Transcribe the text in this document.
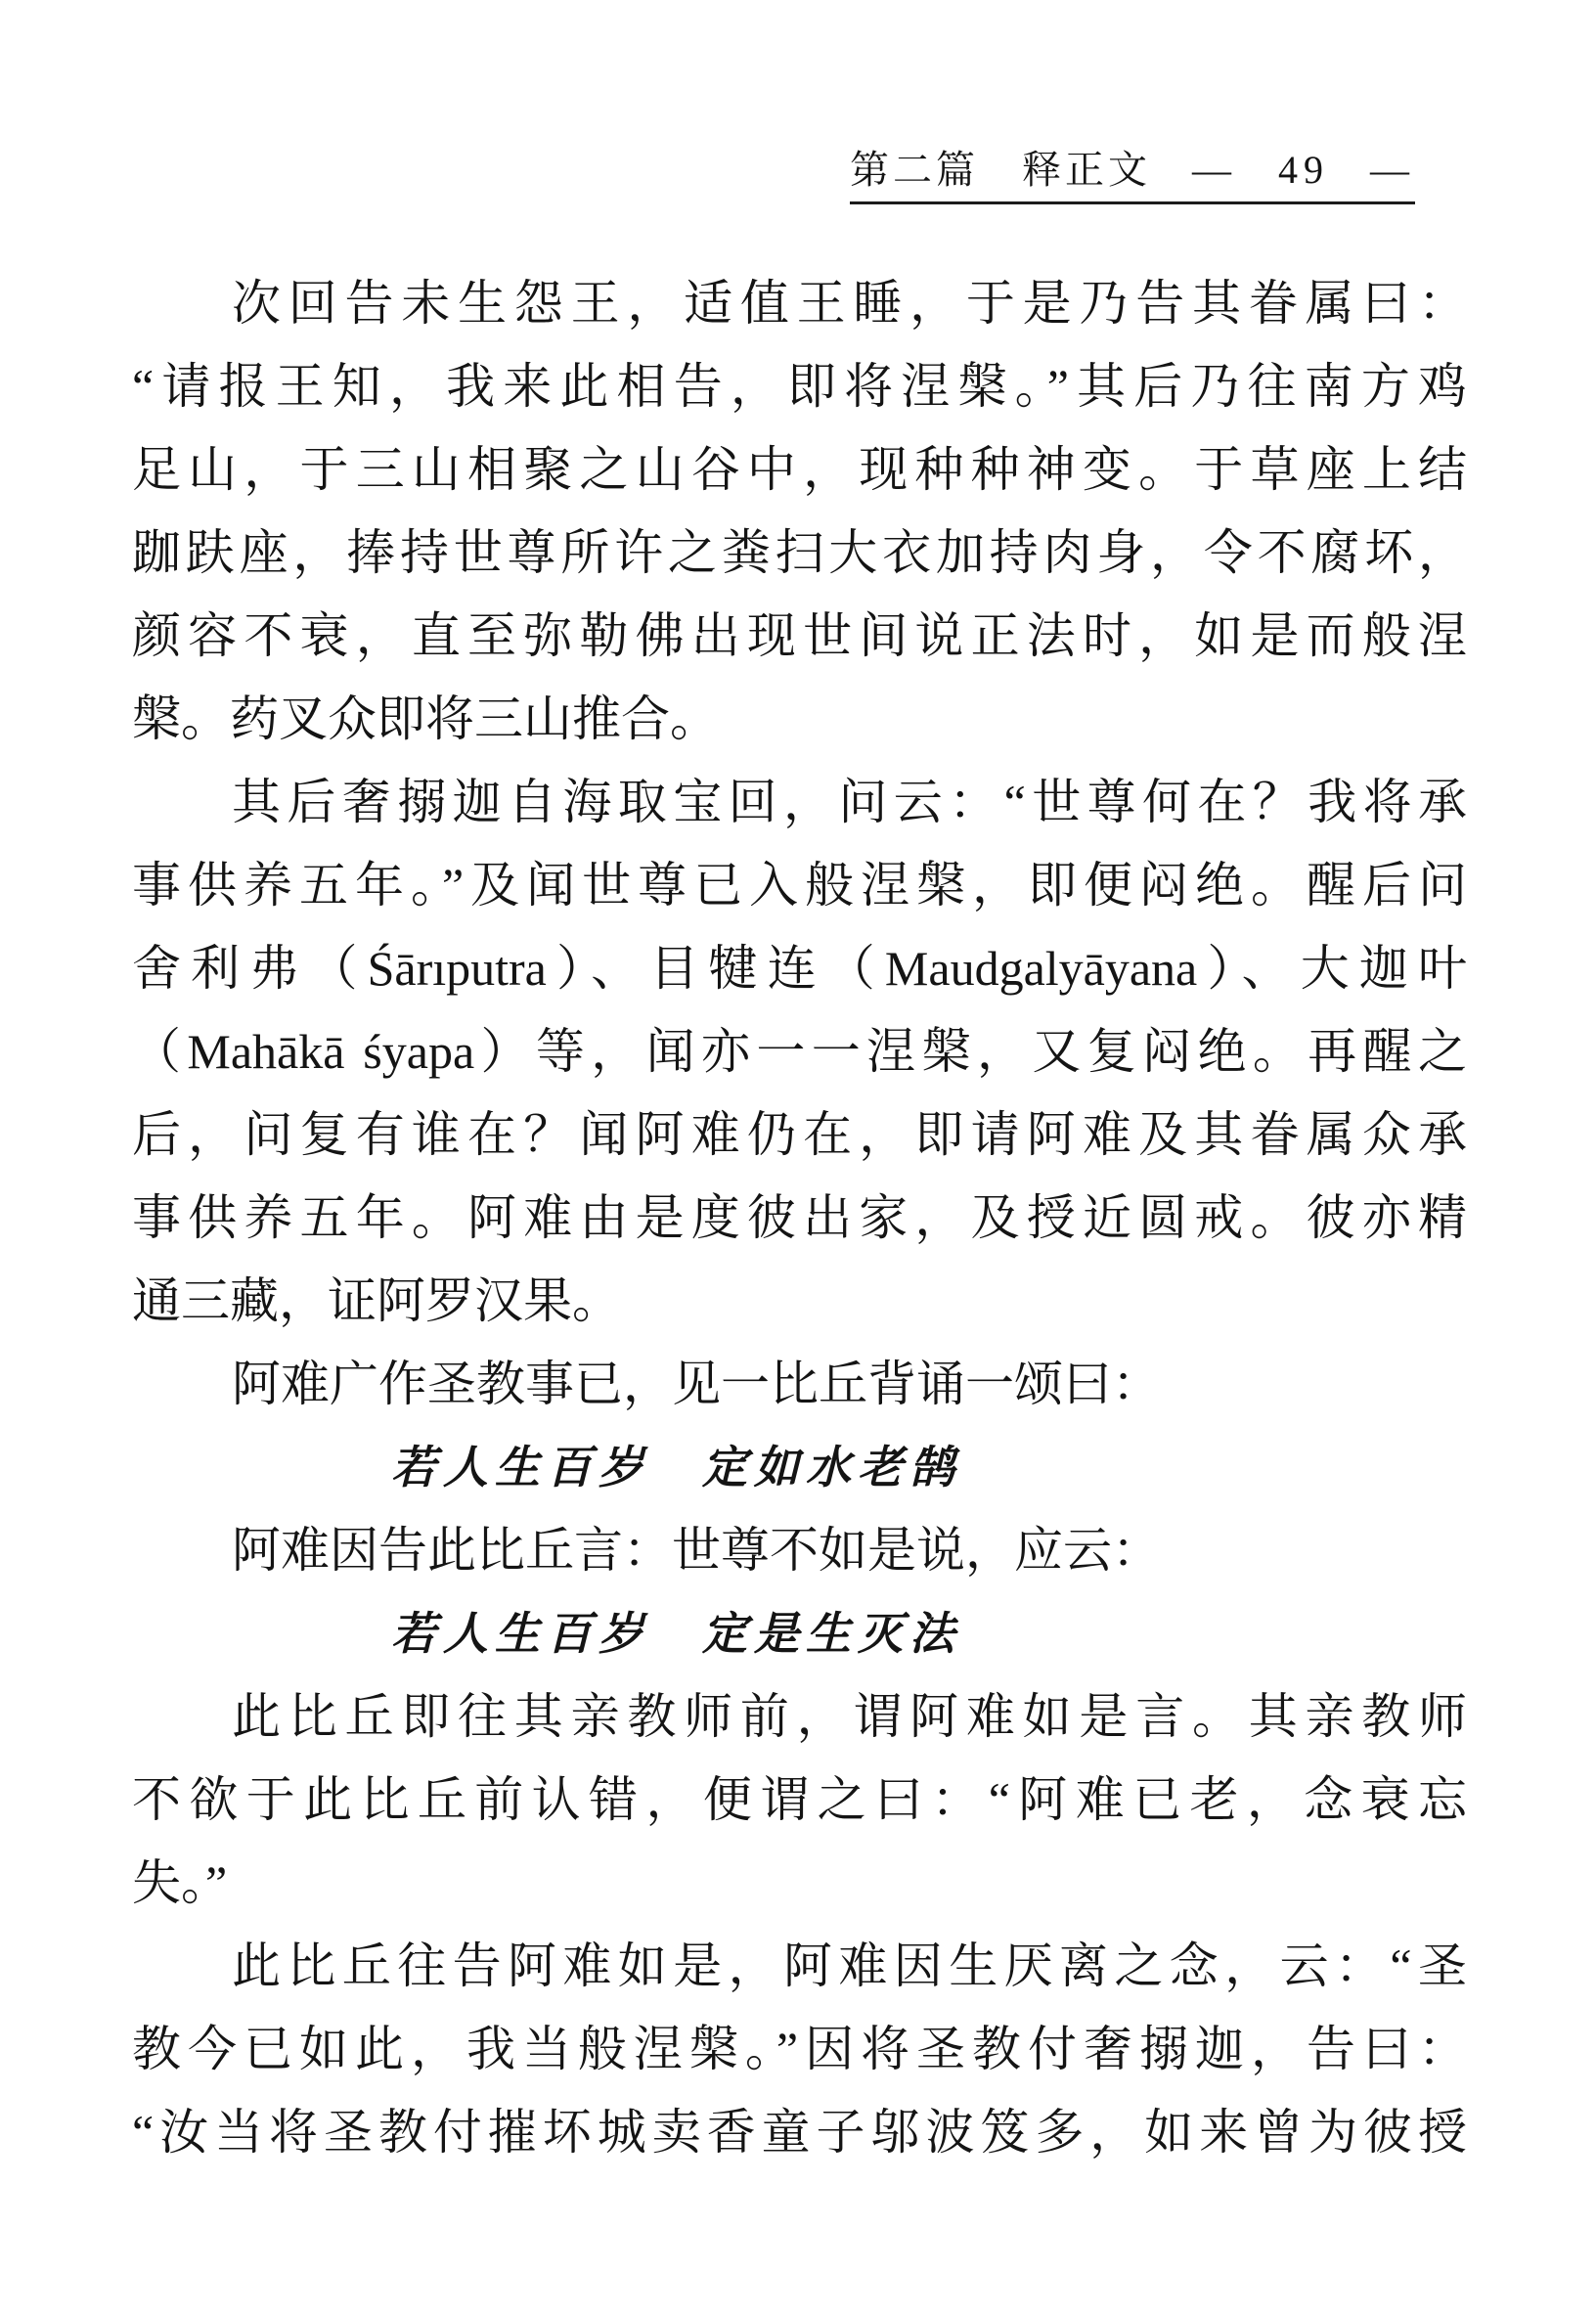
第二篇　释正文 — 49 —
次回告未生怨王，适值王睡，于是乃告其眷属曰：
“请报王知，我来此相告，即将涅槃。”其后乃往南方鸡
足山，于三山相聚之山谷中，现种种神变。于草座上结
跏趺座，捧持世尊所许之粪扫大衣加持肉身，令不腐坏，
颜容不衰，直至弥勒佛出现世间说正法时，如是而般涅
槃。药叉众即将三山推合。
其后奢搦迦自海取宝回，问云：“世尊何在？我将承
事供养五年。”及闻世尊已入般涅槃，即便闷绝。醒后问
舍利弗（Śārıputra）、目犍连（Maudgalyāyana）、大迦叶
（Mahākā śyapa）等，闻亦一一涅槃，又复闷绝。再醒之
后，问复有谁在？闻阿难仍在，即请阿难及其眷属众承
事供养五年。阿难由是度彼出家，及授近圆戒。彼亦精
通三藏，证阿罗汉果。
阿难广作圣教事已，见一比丘背诵一颂曰：
若人生百岁　定如水老鹄
阿难因告此比丘言：世尊不如是说，应云：
若人生百岁　定是生灭法
此比丘即往其亲教师前，谓阿难如是言。其亲教师
不欲于此比丘前认错，便谓之曰：“阿难已老，念衰忘
失。”
此比丘往告阿难如是，阿难因生厌离之念，云：“圣
教今已如此，我当般涅槃。”因将圣教付奢搦迦，告曰：
“汝当将圣教付摧坏城卖香童子邬波笈多，如来曾为彼授
